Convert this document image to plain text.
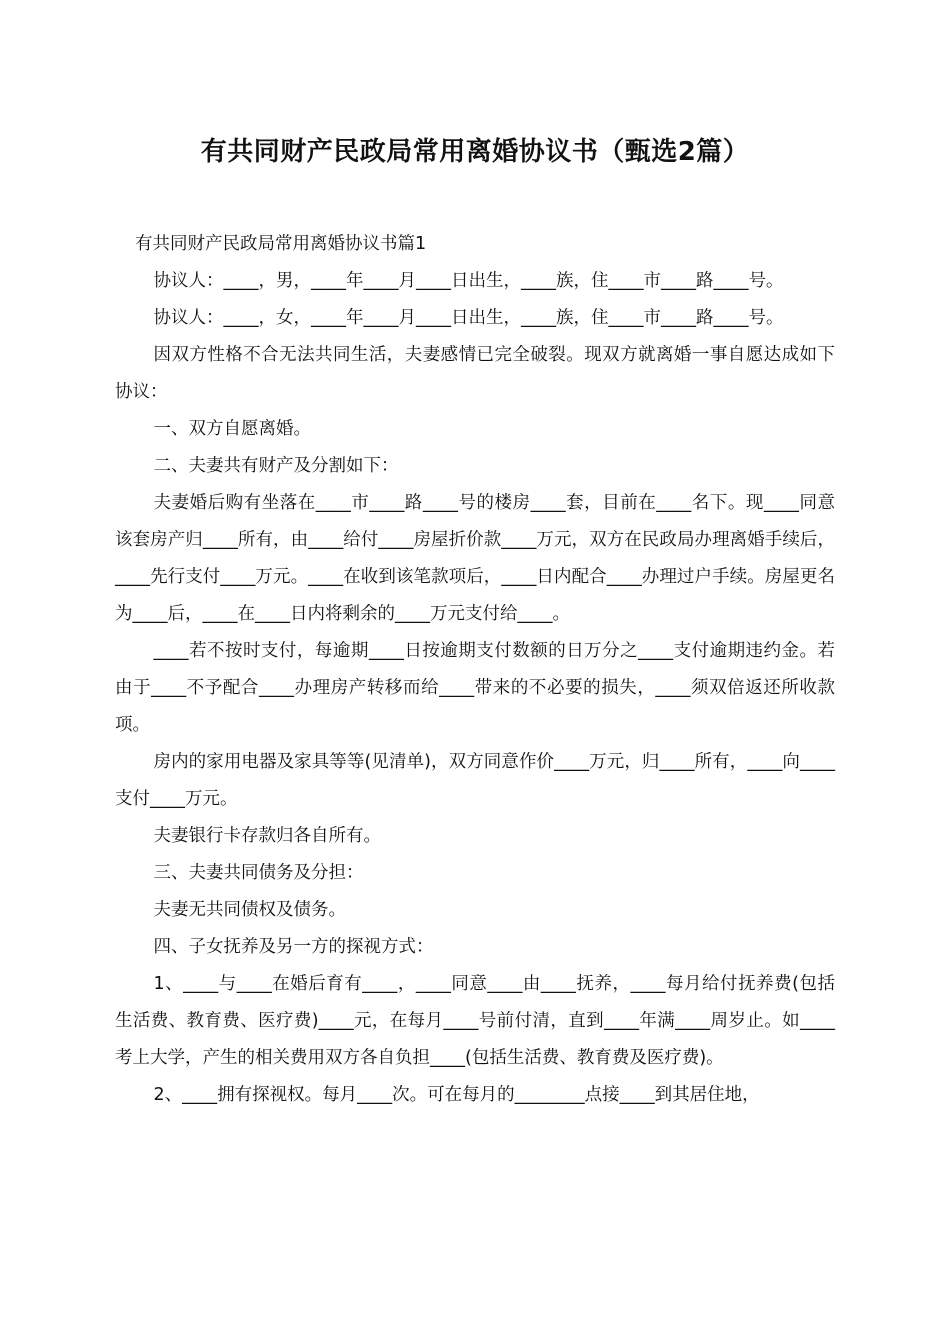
有共同财产民政局常用离婚协议书（甄选2篇）

有共同财产民政局常用离婚协议书篇1

协议人：____，男，____年____月____日出生，____族，住____市____路____号。

协议人：____，女，____年____月____日出生，____族，住____市____路____号。

因双方性格不合无法共同生活，夫妻感情已完全破裂。现双方就离婚一事自愿达成如下协议：

一、双方自愿离婚。

二、夫妻共有财产及分割如下：

夫妻婚后购有坐落在____市____路____号的楼房____套，目前在____名下。现____同意该套房产归____所有，由____给付____房屋折价款____万元，双方在民政局办理离婚手续后，____先行支付____万元。____在收到该笔款项后，____日内配合____办理过户手续。房屋更名为____后，____在____日内将剩余的____万元支付给____。

____若不按时支付，每逾期____日按逾期支付数额的日万分之____支付逾期违约金。若由于____不予配合____办理房产转移而给____带来的不必要的损失，____须双倍返还所收款项。

房内的家用电器及家具等等(见清单)，双方同意作价____万元，归____所有，____向____支付____万元。

夫妻银行卡存款归各自所有。

三、夫妻共同债务及分担：

夫妻无共同债权及债务。

四、子女抚养及另一方的探视方式：

1、____与____在婚后育有____，____同意____由____抚养，____每月给付抚养费(包括生活费、教育费、医疗费)____元，在每月____号前付清，直到____年满____周岁止。如____考上大学，产生的相关费用双方各自负担____(包括生活费、教育费及医疗费)。

2、____拥有探视权。每月____次。可在每月的________点接____到其居住地，
